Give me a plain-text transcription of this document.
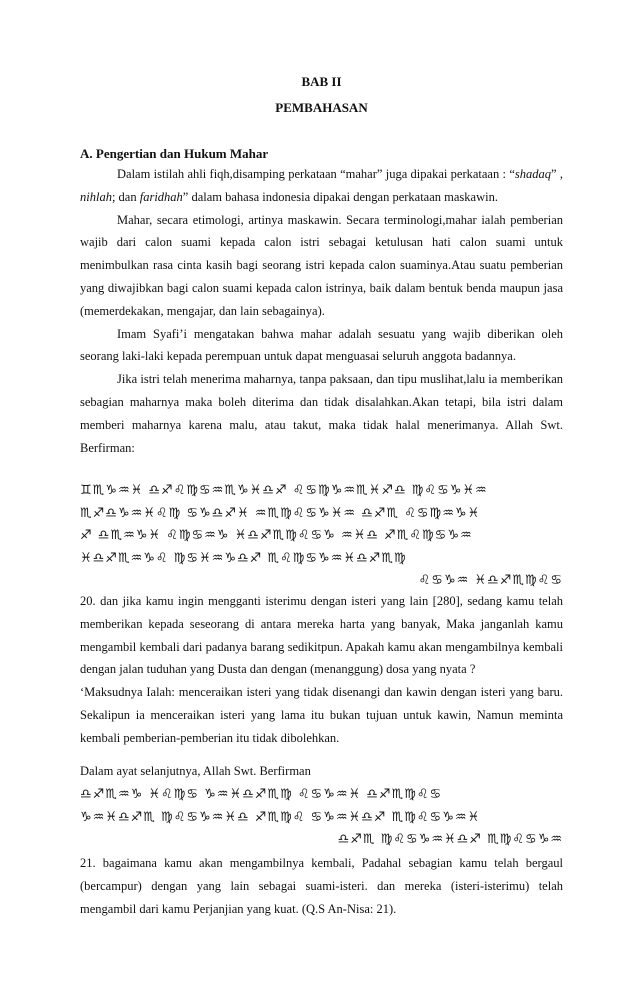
BAB II
PEMBAHASAN
A. Pengertian dan Hukum Mahar

Dalam istilah ahli fiqh,disamping perkataan “mahar” juga dipakai perkataan : “shadaq” , nihlah; dan faridhah” dalam bahasa indonesia dipakai dengan perkataan maskawin.

Mahar, secara etimologi, artinya maskawin. Secara terminologi,mahar ialah pemberian wajib dari calon suami kepada calon istri sebagai ketulusan hati calon suami untuk menimbulkan rasa cinta kasih bagi seorang istri kepada calon suaminya.Atau suatu pemberian yang diwajibkan bagi calon suami kepada calon istrinya, baik dalam bentuk benda maupun jasa (memerdekakan, mengajar, dan lain sebagainya).

Imam Syafi’i mengatakan bahwa mahar adalah sesuatu yang wajib diberikan oleh seorang laki-laki kepada perempuan untuk dapat menguasai seluruh anggota badannya.

Jika istri telah menerima maharnya, tanpa paksaan, dan tipu muslihat,lalu ia memberikan sebagian maharnya maka boleh diterima dan tidak disalahkan.Akan tetapi, bila istri dalam memberi maharnya karena malu, atau takut, maka tidak halal menerimanya. Allah Swt. Berfirman:

♊♏♑♒♓ ♎♐♌♍♋♒♏♑♓♎♐ ♌♋♍♑♒♏♓♐♎ ♍♌♋♑♓♒
♏♐♎♑♒♓♌♍ ♋♑♎♐♓ ♒♏♍♌♋♑♓♒ ♎♐♏ ♌♋♍♒♑♓
♐ ♎♏♒♑♓ ♌♍♋♒♑ ♓♎♐♏♍♌♋♑ ♒♓♎ ♐♏♌♍♋♑♒
♓♎♐♏♒♑♌ ♍♋♓♒♑♎♐ ♏♌♍♋♑♒♓♎♐♏♍
♌♋♑♒ ♓♎♐♏♍♌♋

20. dan jika kamu ingin mengganti isterimu dengan isteri yang lain [280], sedang kamu telah memberikan kepada seseorang di antara mereka harta yang banyak, Maka janganlah kamu mengambil kembali dari padanya barang sedikitpun. Apakah kamu akan mengambilnya kembali dengan jalan tuduhan yang Dusta dan dengan (menanggung) dosa yang nyata ?

‘Maksudnya Ialah: menceraikan isteri yang tidak disenangi dan kawin dengan isteri yang baru. Sekalipun ia menceraikan isteri yang lama itu bukan tujuan untuk kawin, Namun meminta kembali pemberian-pemberian itu tidak dibolehkan.

Dalam ayat selanjutnya, Allah Swt. Berfirman

♎♐♏♒♑ ♓♌♍♋ ♑♒♓♎♐♏♍ ♌♋♑♒♓ ♎♐♏♍♌♋
♑♒♓♎♐♏ ♍♌♋♑♒♓♎ ♐♏♍♌ ♋♑♒♓♎♐ ♏♍♌♋♑♒♓
♎♐♏ ♍♌♋♑♒♓♎♐ ♏♍♌♋♑♒

21. bagaimana kamu akan mengambilnya kembali, Padahal sebagian kamu telah bergaul (bercampur) dengan yang lain sebagai suami-isteri. dan mereka (isteri-isterimu) telah mengambil dari kamu Perjanjian yang kuat. (Q.S An-Nisa: 21).
